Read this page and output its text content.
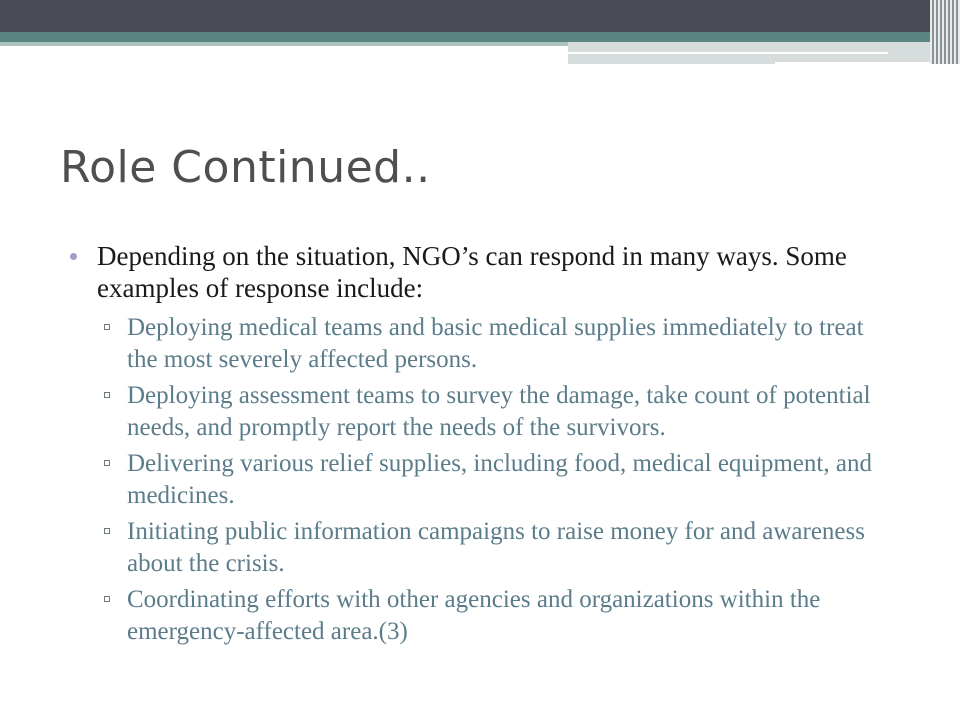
Role Continued..

Depending on the situation, NGO’s can respond in many ways. Some examples of response include:

Deploying medical teams and basic medical supplies immediately to treat the most severely affected persons.
Deploying assessment teams to survey the damage, take count of potential needs, and promptly report the needs of the survivors.
Delivering various relief supplies, including food, medical equipment, and medicines.
Initiating public information campaigns to raise money for and awareness about the crisis.
Coordinating efforts with other agencies and organizations within the emergency-affected area.(3)
